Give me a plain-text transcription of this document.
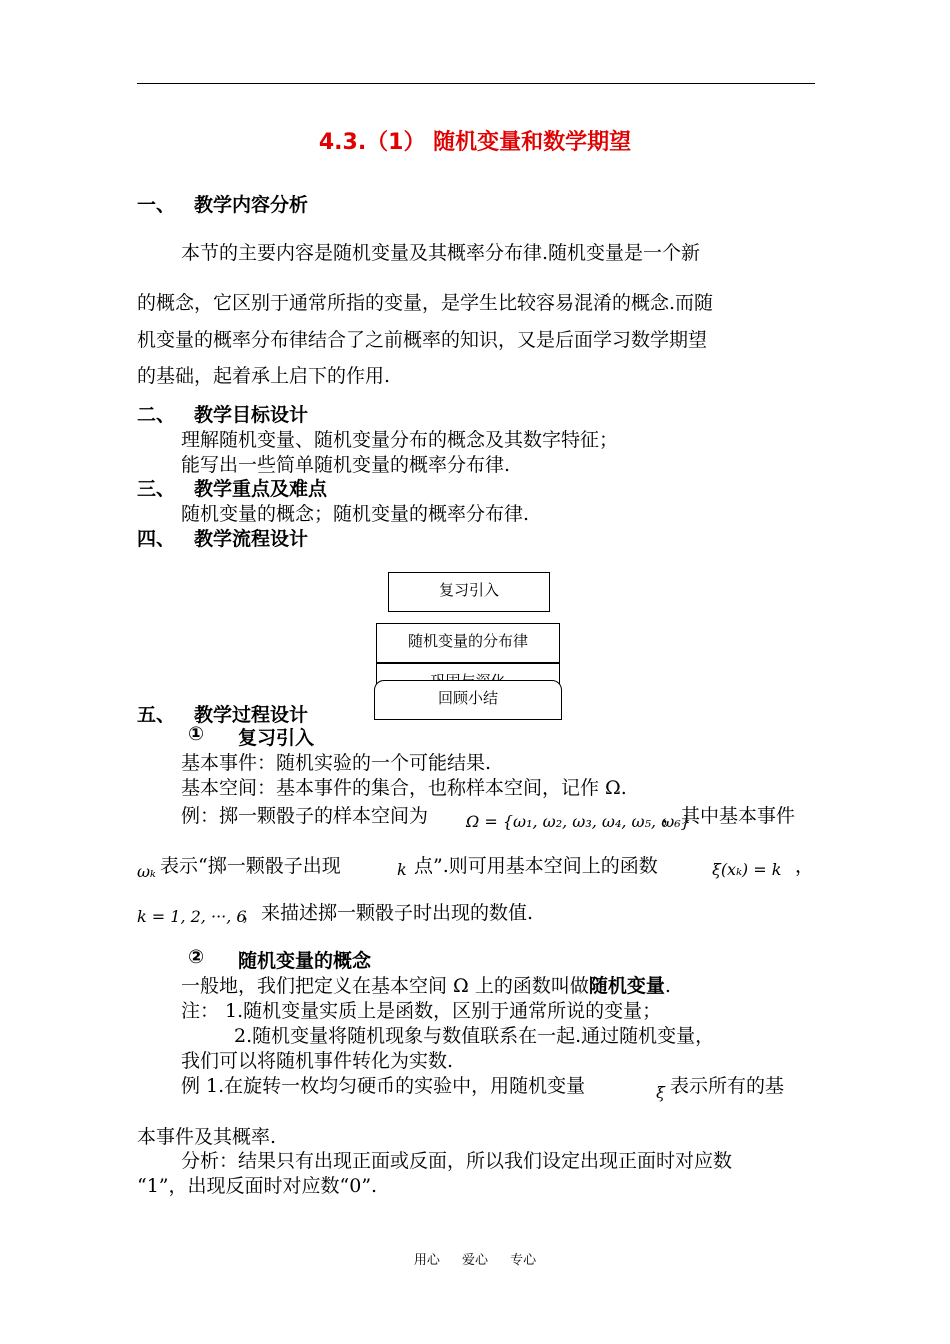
4.3.（1） 随机变量和数学期望
一、 教学内容分析
本节的主要内容是随机变量及其概率分布律.随机变量是一个新
的概念，它区别于通常所指的变量，是学生比较容易混淆的概念.而随
机变量的概率分布律结合了之前概率的知识，又是后面学习数学期望
的基础，起着承上启下的作用.
二、 教学目标设计
理解随机变量、随机变量分布的概念及其数字特征；
能写出一些简单随机变量的概率分布律.
三、 教学重点及难点
随机变量的概念；随机变量的概率分布律.
四、 教学流程设计
复习引入
随机变量的分布律
回顾小结
五、 教学过程设计
① 复习引入
基本事件：随机实验的一个可能结果.
基本空间：基本事件的集合，也称样本空间，记作 Ω.
例：掷一颗骰子的样本空间为 Ω = {ω₁, ω₂, ω₃, ω₄, ω₅, ω₆}
，其中基本事件
ωₖ 表示“掷一颗骰子出现	k 点”.则可用基本空间上的函数	ξ(xₖ) = k ，
k = 1, 2, ···, 6
，来描述掷一颗骰子时出现的数值.
② 随机变量的概念
一般地，我们把定义在基本空间 Ω 上的函数叫做随机变量.
注： 1.随机变量实质上是函数，区别于通常所说的变量；
2.随机变量将随机现象与数值联系在一起.通过随机变量，
我们可以将随机事件转化为实数.
例 1.在旋转一枚均匀硬币的实验中，用随机变量	ξ 表示所有的基
本事件及其概率.
分析：结果只有出现正面或反面，所以我们设定出现正面时对应数
“1”，出现反面时对应数“0”.
用心 爱心 专心
